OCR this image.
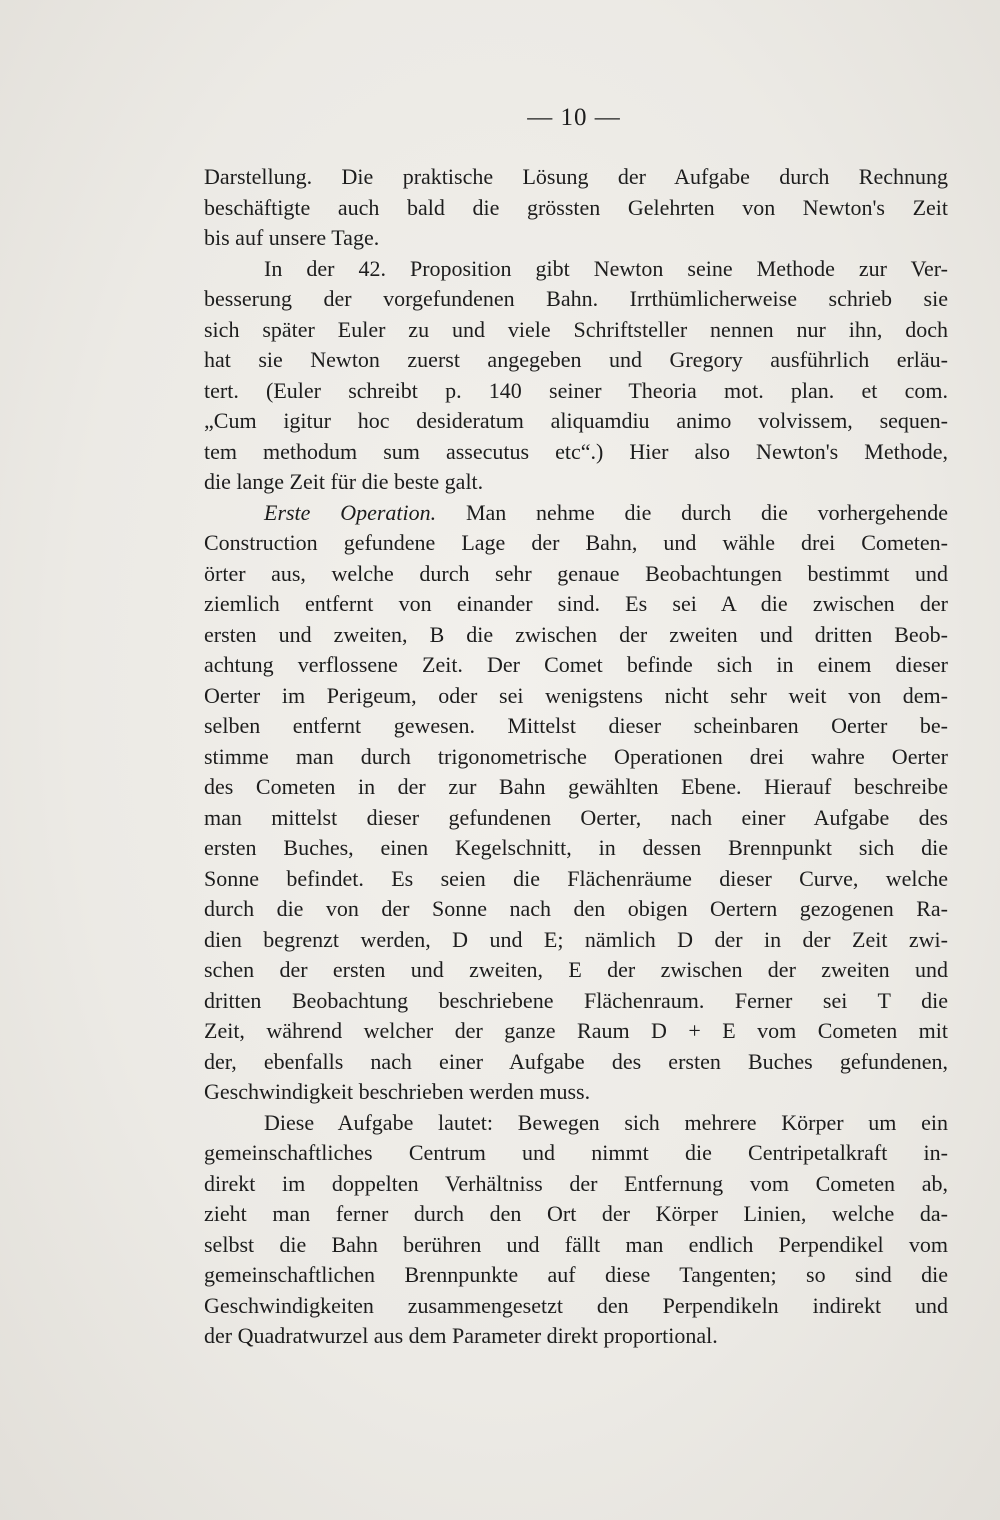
— 10 —
Darstellung. Die praktische Lösung der Aufgabe durch Rechnung
beschäftigte auch bald die grössten Gelehrten von Newton's Zeit
bis auf unsere Tage.
In der 42. Proposition gibt Newton seine Methode zur Ver-
besserung der vorgefundenen Bahn. Irrthümlicherweise schrieb sie
sich später Euler zu und viele Schriftsteller nennen nur ihn, doch
hat sie Newton zuerst angegeben und Gregory ausführlich erläu-
tert. (Euler schreibt p. 140 seiner Theoria mot. plan. et com.
„Cum igitur hoc desideratum aliquamdiu animo volvissem, sequen-
tem methodum sum assecutus etc“.) Hier also Newton's Methode,
die lange Zeit für die beste galt.
Erste Operation. Man nehme die durch die vorhergehende
Construction gefundene Lage der Bahn, und wähle drei Cometen-
örter aus, welche durch sehr genaue Beobachtungen bestimmt und
ziemlich entfernt von einander sind. Es sei A die zwischen der
ersten und zweiten, B die zwischen der zweiten und dritten Beob-
achtung verflossene Zeit. Der Comet befinde sich in einem dieser
Oerter im Perigeum, oder sei wenigstens nicht sehr weit von dem-
selben entfernt gewesen. Mittelst dieser scheinbaren Oerter be-
stimme man durch trigonometrische Operationen drei wahre Oerter
des Cometen in der zur Bahn gewählten Ebene. Hierauf beschreibe
man mittelst dieser gefundenen Oerter, nach einer Aufgabe des
ersten Buches, einen Kegelschnitt, in dessen Brennpunkt sich die
Sonne befindet. Es seien die Flächenräume dieser Curve, welche
durch die von der Sonne nach den obigen Oertern gezogenen Ra-
dien begrenzt werden, D und E; nämlich D der in der Zeit zwi-
schen der ersten und zweiten, E der zwischen der zweiten und
dritten Beobachtung beschriebene Flächenraum. Ferner sei T die
Zeit, während welcher der ganze Raum D + E vom Cometen mit
der, ebenfalls nach einer Aufgabe des ersten Buches gefundenen,
Geschwindigkeit beschrieben werden muss.
Diese Aufgabe lautet: Bewegen sich mehrere Körper um ein
gemeinschaftliches Centrum und nimmt die Centripetalkraft in-
direkt im doppelten Verhältniss der Entfernung vom Cometen ab,
zieht man ferner durch den Ort der Körper Linien, welche da-
selbst die Bahn berühren und fällt man endlich Perpendikel vom
gemeinschaftlichen Brennpunkte auf diese Tangenten; so sind die
Geschwindigkeiten zusammengesetzt den Perpendikeln indirekt und
der Quadratwurzel aus dem Parameter direkt proportional.
